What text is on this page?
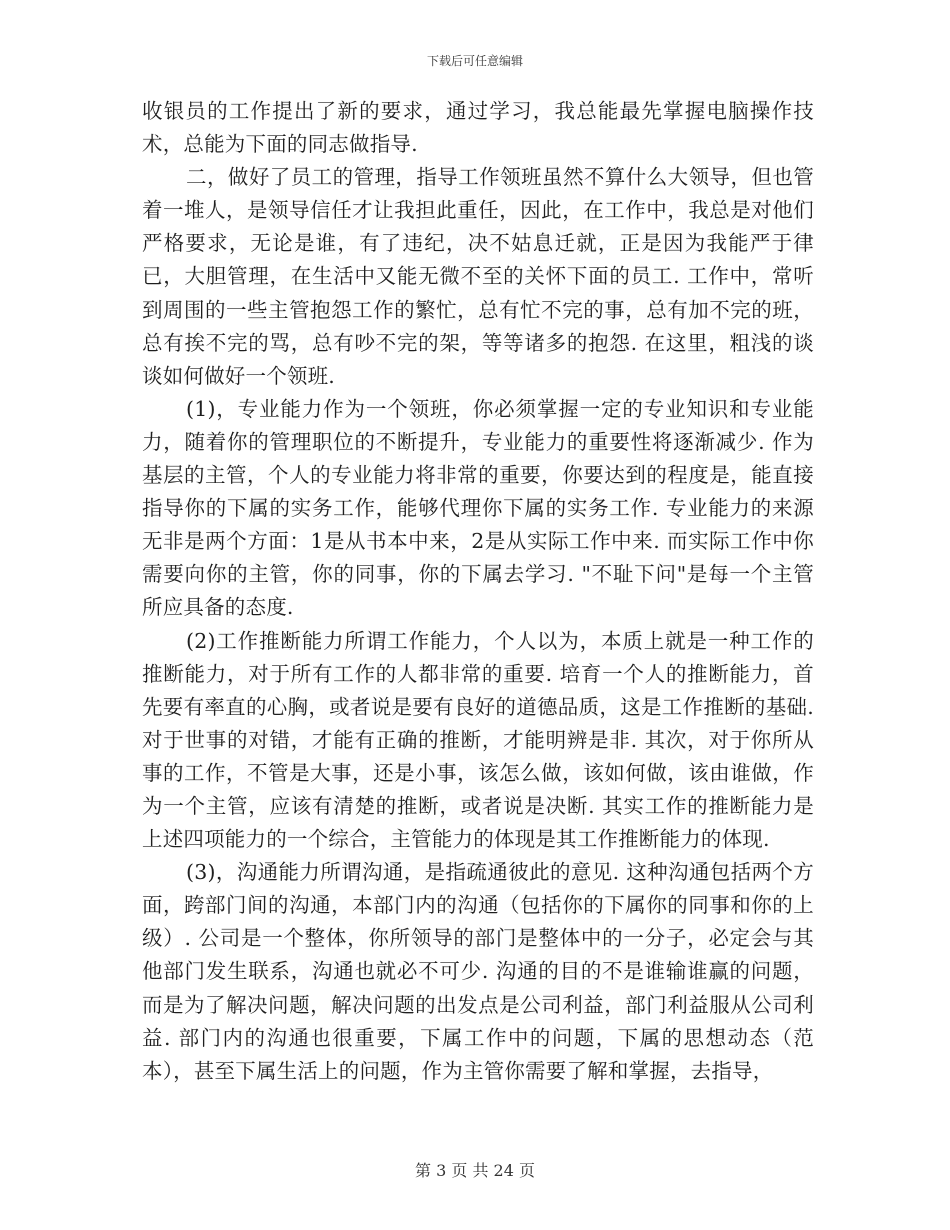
下载后可任意编辑

收银员的工作提出了新的要求，通过学习，我总能最先掌握电脑操作技术，总能为下面的同志做指导.

二，做好了员工的管理，指导工作领班虽然不算什么大领导，但也管着一堆人，是领导信任才让我担此重任，因此，在工作中，我总是对他们严格要求，无论是谁，有了违纪，决不姑息迁就，正是因为我能严于律已，大胆管理，在生活中又能无微不至的关怀下面的员工. 工作中，常听到周围的一些主管抱怨工作的繁忙，总有忙不完的事，总有加不完的班，总有挨不完的骂，总有吵不完的架，等等诸多的抱怨. 在这里，粗浅的谈谈如何做好一个领班.

(1)，专业能力作为一个领班，你必须掌握一定的专业知识和专业能力，随着你的管理职位的不断提升，专业能力的重要性将逐渐减少. 作为基层的主管，个人的专业能力将非常的重要，你要达到的程度是，能直接指导你的下属的实务工作，能够代理你下属的实务工作. 专业能力的来源无非是两个方面：1是从书本中来，2是从实际工作中来. 而实际工作中你需要向你的主管，你的同事，你的下属去学习. "不耻下问"是每一个主管所应具备的态度.

(2)工作推断能力所谓工作能力，个人以为，本质上就是一种工作的推断能力，对于所有工作的人都非常的重要. 培育一个人的推断能力，首先要有率直的心胸，或者说是要有良好的道德品质，这是工作推断的基础. 对于世事的对错，才能有正确的推断，才能明辨是非. 其次，对于你所从事的工作，不管是大事，还是小事，该怎么做，该如何做，该由谁做，作为一个主管，应该有清楚的推断，或者说是决断. 其实工作的推断能力是上述四项能力的一个综合，主管能力的体现是其工作推断能力的体现.

(3)，沟通能力所谓沟通，是指疏通彼此的意见. 这种沟通包括两个方面，跨部门间的沟通，本部门内的沟通（包括你的下属你的同事和你的上级）. 公司是一个整体，你所领导的部门是整体中的一分子，必定会与其他部门发生联系，沟通也就必不可少. 沟通的目的不是谁输谁赢的问题，而是为了解决问题，解决问题的出发点是公司利益，部门利益服从公司利益. 部门内的沟通也很重要，下属工作中的问题，下属的思想动态（范本），甚至下属生活上的问题，作为主管你需要了解和掌握，去指导，

第 3 页 共 24 页
